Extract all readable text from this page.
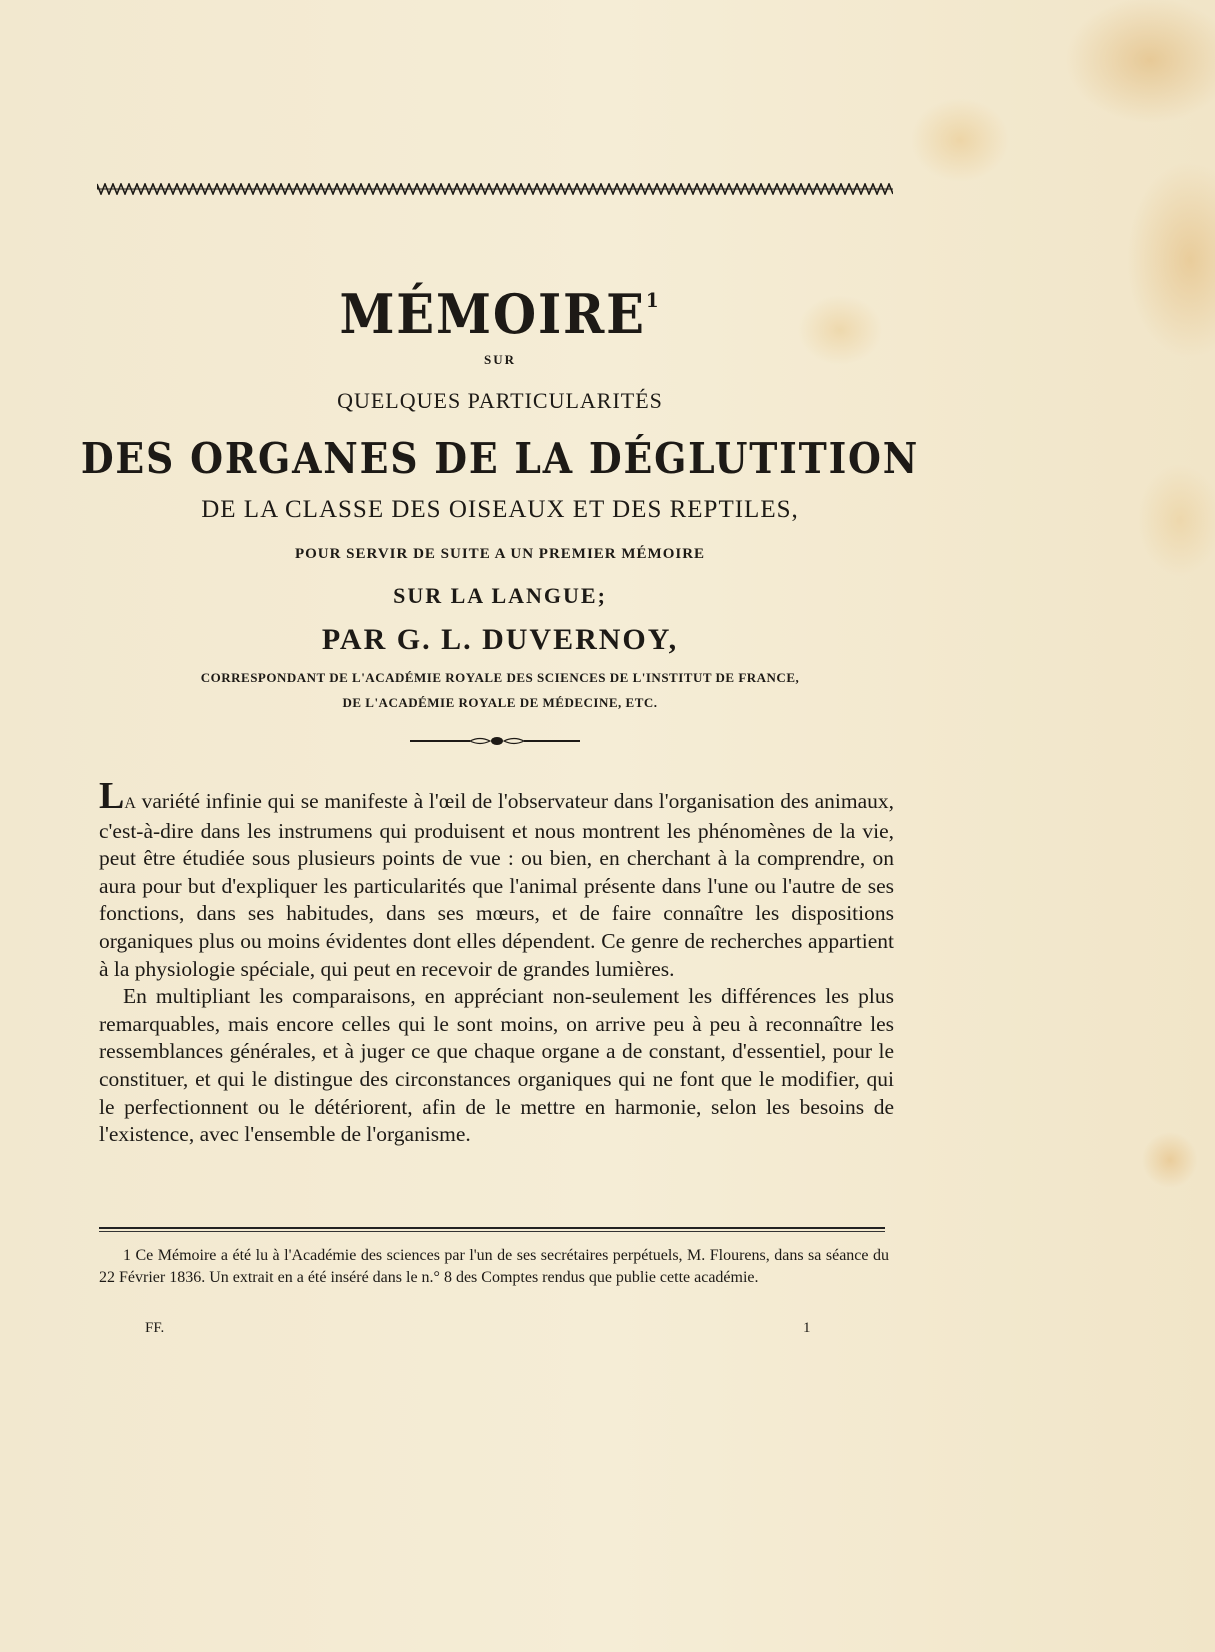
MÉMOIRE$^1$
SUR
QUELQUES PARTICULARITÉS
DES ORGANES DE LA DÉGLUTITION
DE LA CLASSE DES OISEAUX ET DES REPTILES,
POUR SERVIR DE SUITE A UN PREMIER MÉMOIRE
SUR LA LANGUE;
PAR G. L. DUVERNOY,
CORRESPONDANT DE L'ACADÉMIE ROYALE DES SCIENCES DE L'INSTITUT DE FRANCE,
DE L'ACADÉMIE ROYALE DE MÉDECINE, ETC.

LA variété infinie qui se manifeste à l'œil de l'observateur dans l'organisation des animaux, c'est-à-dire dans les instrumens qui produisent et nous montrent les phénomènes de la vie, peut être étudiée sous plusieurs points de vue : ou bien, en cherchant à la comprendre, on aura pour but d'expliquer les particularités que l'animal présente dans l'une ou l'autre de ses fonctions, dans ses habitudes, dans ses mœurs, et de faire connaître les dispositions organiques plus ou moins évidentes dont elles dépendent. Ce genre de recherches appartient à la physiologie spéciale, qui peut en recevoir de grandes lumières.

En multipliant les comparaisons, en appréciant non-seulement les différences les plus remarquables, mais encore celles qui le sont moins, on arrive peu à peu à reconnaître les ressemblances générales, et à juger ce que chaque organe a de constant, d'essentiel, pour le constituer, et qui le distingue des circonstances organiques qui ne font que le modifier, qui le perfectionnent ou le détériorent, afin de le mettre en harmonie, selon les besoins de l'existence, avec l'ensemble de l'organisme.

1 Ce Mémoire a été lu à l'Académie des sciences par l'un de ses secrétaires perpétuels, M. Flourens, dans sa séance du 22 Février 1836. Un extrait en a été inséré dans le n.° 8 des Comptes rendus que publie cette académie.

FF.	1
